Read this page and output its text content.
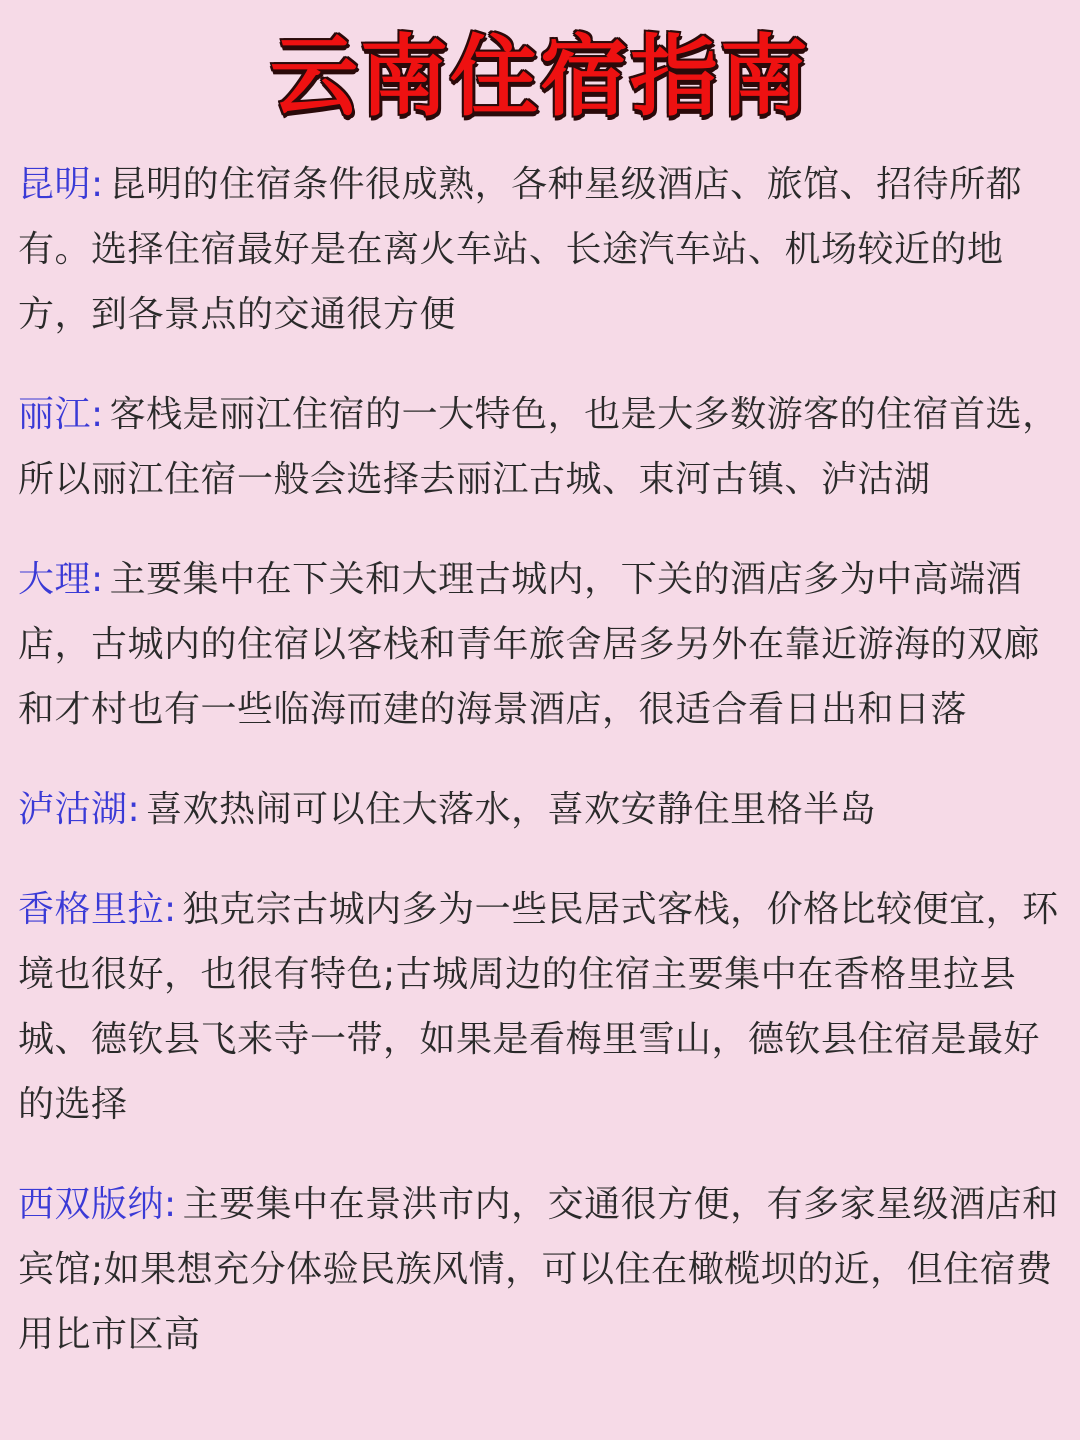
云南住宿指南
昆明: 昆明的住宿条件很成熟，各种星级酒店、旅馆、招待所都有。选择住宿最好是在离火车站、长途汽车站、机场较近的地方，到各景点的交通很方便
丽江: 客栈是丽江住宿的一大特色，也是大多数游客的住宿首选，所以丽江住宿一般会选择去丽江古城、束河古镇、泸沽湖
大理: 主要集中在下关和大理古城内，下关的酒店多为中高端酒店，古城内的住宿以客栈和青年旅舍居多另外在靠近游海的双廊和才村也有一些临海而建的海景酒店，很适合看日出和日落
泸沽湖: 喜欢热闹可以住大落水，喜欢安静住里格半岛
香格里拉: 独克宗古城内多为一些民居式客栈，价格比较便宜，环境也很好，也很有特色;古城周边的住宿主要集中在香格里拉县城、德钦县飞来寺一带，如果是看梅里雪山，德钦县住宿是最好的选择
西双版纳: 主要集中在景洪市内，交通很方便，有多家星级酒店和宾馆;如果想充分体验民族风情，可以住在橄榄坝的近，但住宿费用比市区高
